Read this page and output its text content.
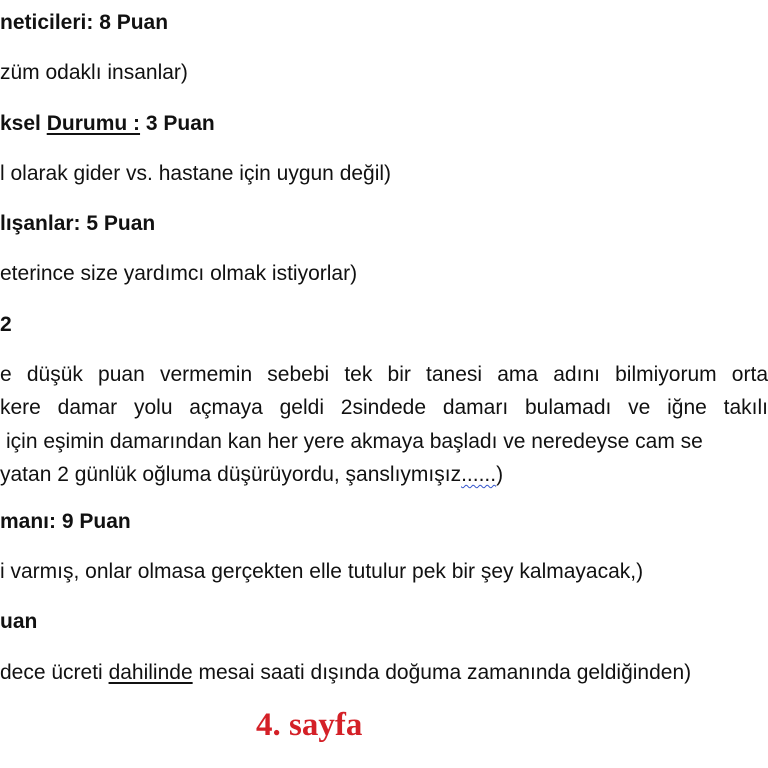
neticileri: 8 Puan
züm odaklı insanlar)
ksel Durumu : 3 Puan
l olarak gider vs. hastane için uygun değil)
lışanlar: 5 Puan
eterince size yardımcı olmak istiyorlar)
2
e düşük puan vermemin sebebi tek bir tanesi ama adını bilmiyorum orta
kere damar yolu açmaya geldi 2sindede damarı bulamadı ve iğne takılı
için eşimin damarından kan her yere akmaya başladı ve neredeyse cam se
yatan 2 günlük oğluma düşürüyordu, şanslıymışız......)
manı: 9 Puan
i varmış, onlar olmasa gerçekten elle tutulur pek bir şey kalmayacak,)
uan
dece ücreti dahilinde mesai saati dışında doğuma zamanında geldiğinden)
4. sayfa
